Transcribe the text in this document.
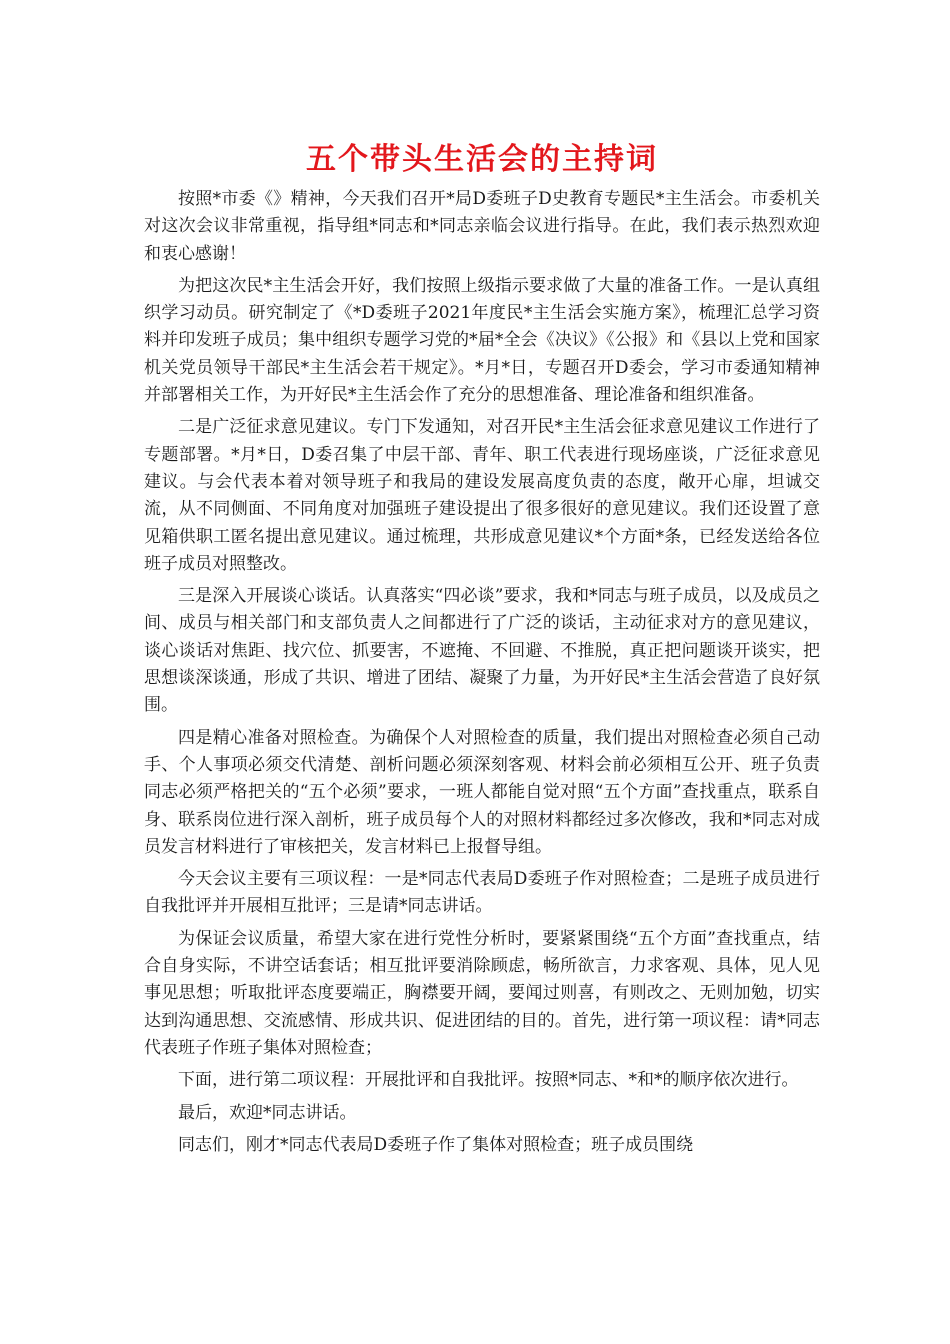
五个带头生活会的主持词

按照*市委《》精神，今天我们召开*局D委班子D史教育专题民*主生活会。市委机关对这次会议非常重视，指导组*同志和*同志亲临会议进行指导。在此，我们表示热烈欢迎和衷心感谢！

为把这次民*主生活会开好，我们按照上级指示要求做了大量的准备工作。一是认真组织学习动员。研究制定了《*D委班子2021年度民*主生活会实施方案》，梳理汇总学习资料并印发班子成员；集中组织专题学习党的*届*全会《决议》《公报》和《县以上党和国家机关党员领导干部民*主生活会若干规定》。*月*日，专题召开D委会，学习市委通知精神并部署相关工作，为开好民*主生活会作了充分的思想准备、理论准备和组织准备。

二是广泛征求意见建议。专门下发通知，对召开民*主生活会征求意见建议工作进行了专题部署。*月*日，D委召集了中层干部、青年、职工代表进行现场座谈，广泛征求意见建议。与会代表本着对领导班子和我局的建设发展高度负责的态度，敞开心扉，坦诚交流，从不同侧面、不同角度对加强班子建设提出了很多很好的意见建议。我们还设置了意见箱供职工匿名提出意见建议。通过梳理，共形成意见建议*个方面*条，已经发送给各位班子成员对照整改。

三是深入开展谈心谈话。认真落实“四必谈”要求，我和*同志与班子成员，以及成员之间、成员与相关部门和支部负责人之间都进行了广泛的谈话，主动征求对方的意见建议，谈心谈话对焦距、找穴位、抓要害，不遮掩、不回避、不推脱，真正把问题谈开谈实，把思想谈深谈通，形成了共识、增进了团结、凝聚了力量，为开好民*主生活会营造了良好氛围。

四是精心准备对照检查。为确保个人对照检查的质量，我们提出对照检查必须自己动手、个人事项必须交代清楚、剖析问题必须深刻客观、材料会前必须相互公开、班子负责同志必须严格把关的“五个必须”要求，一班人都能自觉对照“五个方面”查找重点，联系自身、联系岗位进行深入剖析，班子成员每个人的对照材料都经过多次修改，我和*同志对成员发言材料进行了审核把关，发言材料已上报督导组。

今天会议主要有三项议程：一是*同志代表局D委班子作对照检查；二是班子成员进行自我批评并开展相互批评；三是请*同志讲话。

为保证会议质量，希望大家在进行党性分析时，要紧紧围绕“五个方面”查找重点，结合自身实际，不讲空话套话；相互批评要消除顾虑，畅所欲言，力求客观、具体，见人见事见思想；听取批评态度要端正，胸襟要开阔，要闻过则喜，有则改之、无则加勉，切实达到沟通思想、交流感情、形成共识、促进团结的目的。首先，进行第一项议程：请*同志代表班子作班子集体对照检查；

下面，进行第二项议程：开展批评和自我批评。按照*同志、*和*的顺序依次进行。

最后，欢迎*同志讲话。

同志们，刚才*同志代表局D委班子作了集体对照检查；班子成员围绕
